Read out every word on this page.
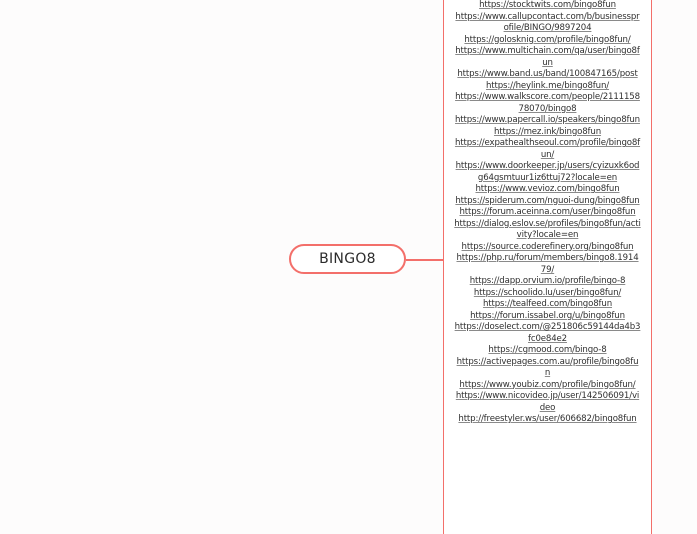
BINGO8
https://stocktwits.com/bingo8fun
https://www.callupcontact.com/b/businessprofile/BINGO/9897204
https://golosknig.com/profile/bingo8fun/
https://www.multichain.com/qa/user/bingo8fun
https://www.band.us/band/100847165/post
https://heylink.me/bingo8fun/
https://www.walkscore.com/people/211115878070/bingo8
https://www.papercall.io/speakers/bingo8fun
https://mez.ink/bingo8fun
https://expathealthseoul.com/profile/bingo8fun/
https://www.doorkeeper.jp/users/cyizuxk6odg64gsmtuur1iz6ttuj72?locale=en
https://www.vevioz.com/bingo8fun
https://spiderum.com/nguoi-dung/bingo8fun
https://forum.aceinna.com/user/bingo8fun
https://dialog.eslov.se/profiles/bingo8fun/activity?locale=en
https://source.coderefinery.org/bingo8fun
https://php.ru/forum/members/bingo8.191479/
https://dapp.orvium.io/profile/bingo-8
https://schoolido.lu/user/bingo8fun/
https://tealfeed.com/bingo8fun
https://forum.issabel.org/u/bingo8fun
https://doselect.com/@251806c59144da4b3fc0e84e2
https://cgmood.com/bingo-8
https://activepages.com.au/profile/bingo8fun
https://www.youbiz.com/profile/bingo8fun/
https://www.nicovideo.jp/user/142506091/video
http://freestyler.ws/user/606682/bingo8fun
